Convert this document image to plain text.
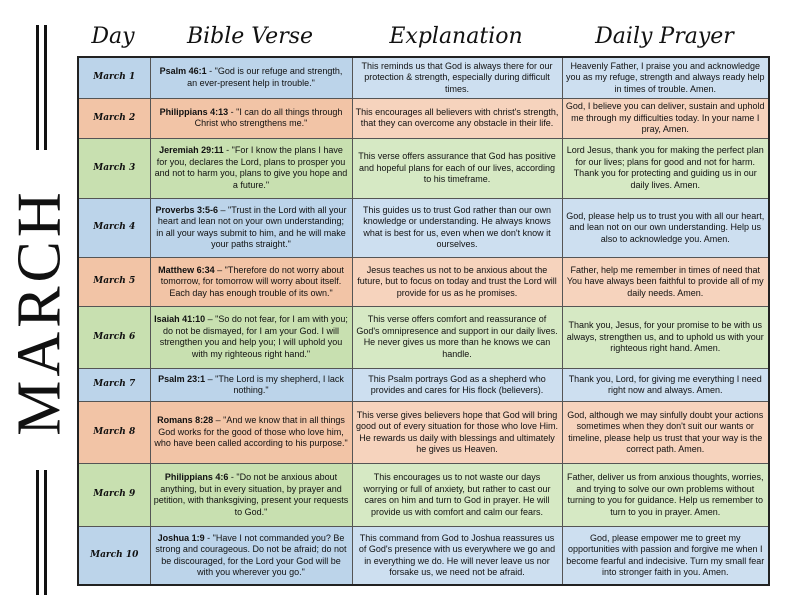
MARCH
Day	Bible Verse	Explanation	Daily Prayer
March 1	Psalm 46:1 - "God is our refuge and strength, an ever-present help in trouble."	This reminds us that God is always there for our protection & strength, especially during difficult times.	Heavenly Father, I praise you and acknowledge you as my refuge, strength and always ready help in times of trouble. Amen.
March 2	Philippians 4:13 - "I can do all things through Christ who strengthens me."	This encourages all believers with christ's strength, that they can overcome any obstacle in their life.	God, I believe you can deliver, sustain and uphold me through my difficulties today. In your name I pray, Amen.
March 3	Jeremiah 29:11 - "For I know the plans I have for you, declares the Lord, plans to prosper you and not to harm you, plans to give you hope and a future."	This verse offers assurance that God has positive and hopeful plans for each of our lives, according to his timeframe.	Lord Jesus, thank you for making the perfect plan for our lives; plans for good and not for harm. Thank you for protecting and guiding us in our daily lives. Amen.
March 4	Proverbs 3:5-6 – "Trust in the Lord with all your heart and lean not on your own understanding; in all your ways submit to him, and he will make your paths straight."	This guides us to trust God rather than our own knowledge or understanding. He always knows what is best for us, even when we don't know it ourselves.	God, please help us to trust you with all our heart, and lean not on our own understanding. Help us also to acknowledge you. Amen.
March 5	Matthew 6:34 – "Therefore do not worry about tomorrow, for tomorrow will worry about itself. Each day has enough trouble of its own."	Jesus teaches us not to be anxious about the future, but to focus on today and trust the Lord will provide for us as he promises.	Father, help me remember in times of need that You have always been faithful to provide all of my daily needs. Amen.
March 6	Isaiah 41:10 – "So do not fear, for I am with you; do not be dismayed, for I am your God. I will strengthen you and help you; I will uphold you with my righteous right hand."	This verse offers comfort and reassurance of God's omnipresence and support in our daily lives. He never gives us more than he knows we can handle.	Thank you, Jesus, for your promise to be with us always, strengthen us, and to uphold us with your righteous right hand. Amen.
March 7	Psalm 23:1 – "The Lord is my shepherd, I lack nothing."	This Psalm portrays God as a shepherd who provides and cares for His flock (believers).	Thank you, Lord, for giving me everything I need right now and always. Amen.
March 8	Romans 8:28 – "And we know that in all things God works for the good of those who love him, who have been called according to his purpose."	This verse gives believers hope that God will bring good out of every situation for those who love Him. He rewards us daily with blessings and ultimately he gives us Heaven.	God, although we may sinfully doubt your actions sometimes when they don't suit our wants or timeline, please help us trust that your way is the correct path. Amen.
March 9	Philippians 4:6 - "Do not be anxious about anything, but in every situation, by prayer and petition, with thanksgiving, present your requests to God."	This encourages us to not waste our days worrying or full of anxiety, but rather to cast our cares on him and turn to God in prayer. He will provide us with comfort and calm our fears.	Father, deliver us from anxious thoughts, worries, and trying to solve our own problems without turning to you for guidance. Help us remember to turn to you in prayer. Amen.
March 10	Joshua 1:9 - "Have I not commanded you? Be strong and courageous. Do not be afraid; do not be discouraged, for the Lord your God will be with you wherever you go."	This command from God to Joshua reassures us of God's presence with us everywhere we go and in everything we do. He will never leave us nor forsake us, we need not be afraid.	God, please empower me to greet my opportunities with passion and forgive me when I become fearful and indecisive. Turn my small fear into stronger faith in you. Amen.
